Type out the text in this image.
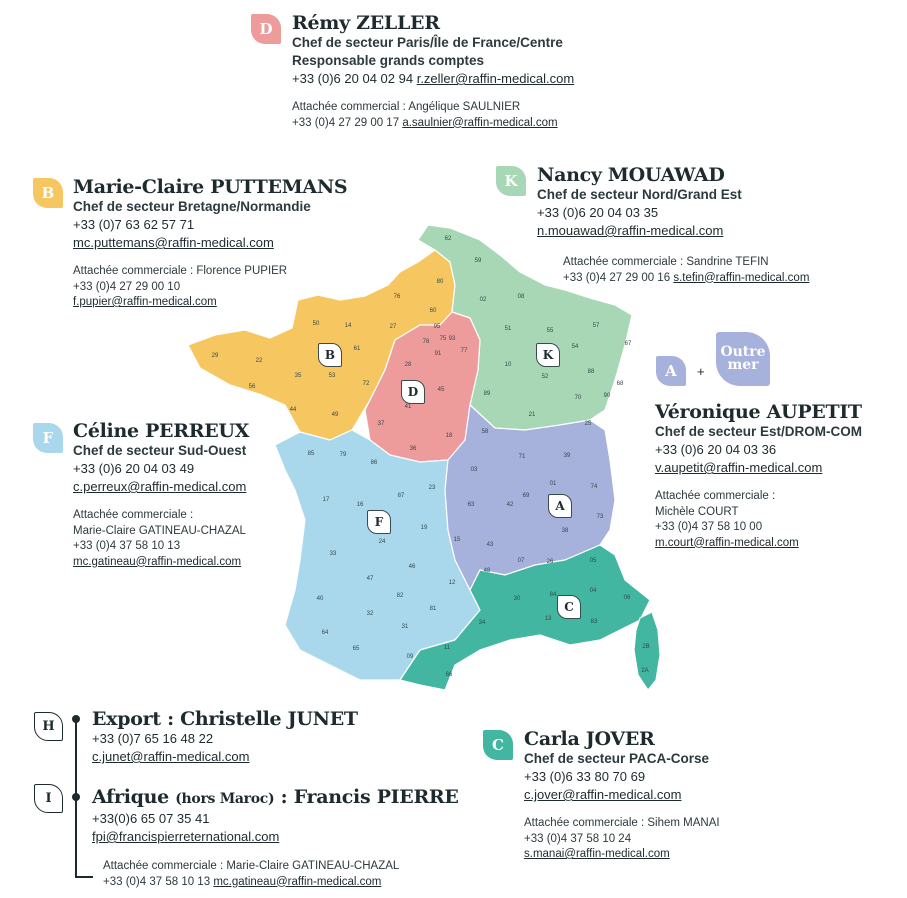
62
59
80
02	08
76
60
27	95
75
50	14
78	93
51	55
57
67
61
91	77
54
29
22
28	10
52
88
68
56
35	53
72
45
89
70	90
41
44
49
37
21
18
36
58
25
85	79
86
71	39
03
01	74
17
16
87
23
69
42
63
73
24
19	38
15
43
33
46
07	26	05
47
48
12
84
04
06
40	82	30
32
81
13	83
34
64
31
65
09
11
66
2B
2A
D
B	K
F
A
C
D Rémy ZELLER
Chef de secteur Paris/Île de France/Centre
Responsable grands comptes
+33 (0)6 20 04 02 94 r.zeller@raffin-medical.com
Attachée commercial : Angélique SAULNIER
+33 (0)4 27 29 00 17 a.saulnier@raffin-medical.com
B Marie-Claire PUTTEMANS
Chef de secteur Bretagne/Normandie
+33 (0)7 63 62 57 71
mc.puttemans@raffin-medical.com
Attachée commerciale : Florence PUPIER
+33 (0)4 27 29 00 10
f.pupier@raffin-medical.com
K Nancy MOUAWAD
Chef de secteur Nord/Grand Est
+33 (0)6 20 04 03 35
n.mouawad@raffin-medical.com
Attachée commerciale : Sandrine TEFIN
+33 (0)4 27 29 00 16 s.tefin@raffin-medical.com
F Céline PERREUX
Chef de secteur Sud-Ouest
+33 (0)6 20 04 03 49
c.perreux@raffin-medical.com
Attachée commerciale :
Marie-Claire GATINEAU-CHAZAL
+33 (0)4 37 58 10 13
mc.gatineau@raffin-medical.com
A +
Outre
mer
Véronique AUPETIT
Chef de secteur Est/DROM-COM
+33 (0)6 20 04 03 36
v.aupetit@raffin-medical.com
Attachée commerciale :
Michèle COURT
+33 (0)4 37 58 10 00
m.court@raffin-medical.com
H Export : Christelle JUNET
+33 (0)7 65 16 48 22
c.junet@raffin-medical.com
I Afrique (hors Maroc) : Francis PIERRE
+33(0)6 65 07 35 41
fpi@francispierreternational.com
Attachée commerciale : Marie-Claire GATINEAU-CHAZAL
+33 (0)4 37 58 10 13 mc.gatineau@raffin-medical.com
C Carla JOVER
Chef de secteur PACA-Corse
+33 (0)6 33 80 70 69
c.jover@raffin-medical.com
Attachée commerciale : Sihem MANAI
+33 (0)4 37 58 10 24
s.manai@raffin-medical.com
